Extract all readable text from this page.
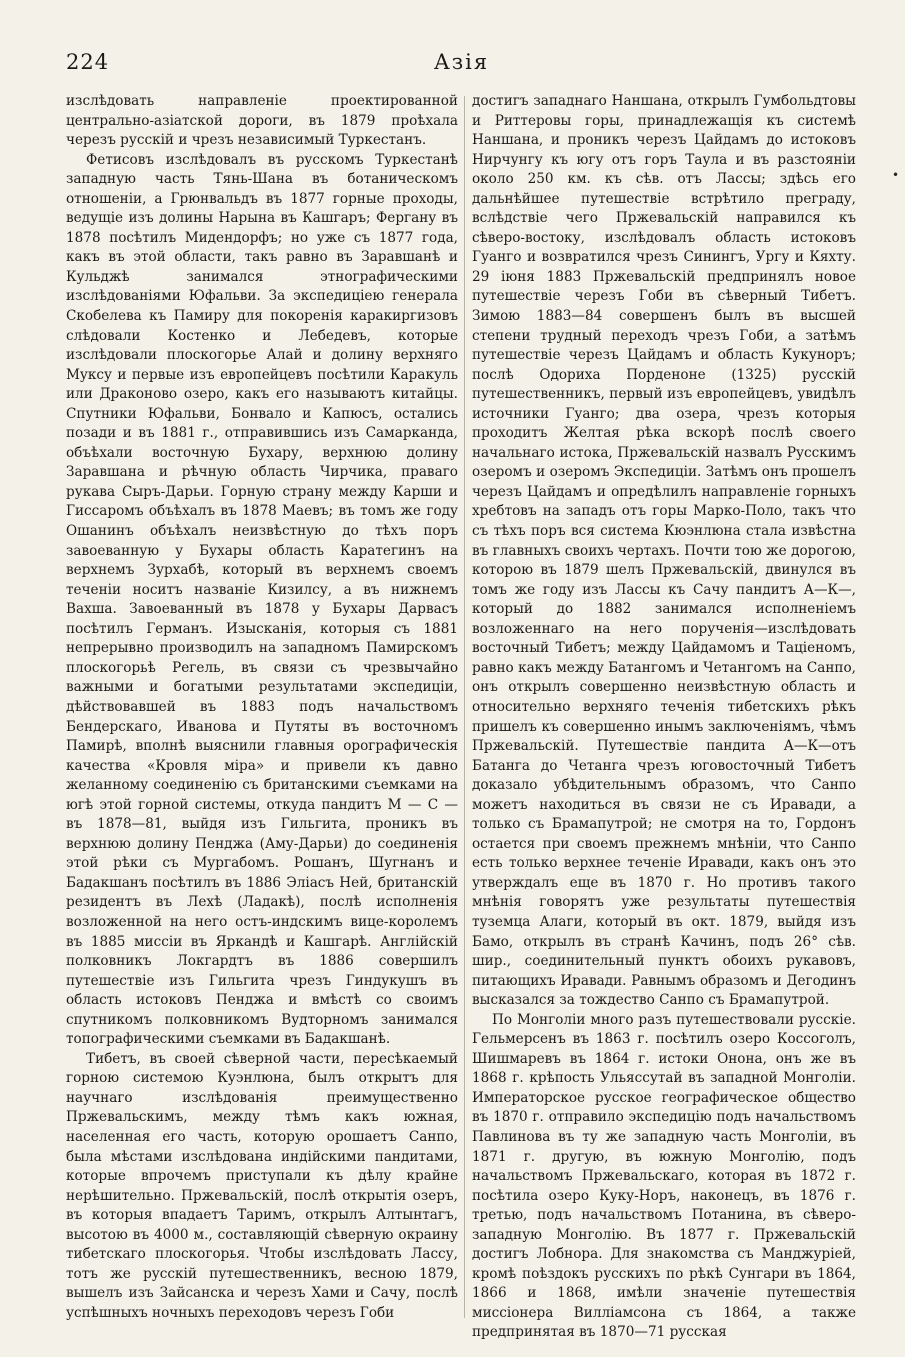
224	Азія

изслѣдовать направленіе проектированной центрально-азіатской дороги, въ 1879 проѣхала черезъ русскій и чрезъ независимый Туркестанъ.

Фетисовъ изслѣдовалъ въ русскомъ Туркестанѣ западную часть Тянь-Шана въ ботаническомъ отношеніи, а Грюнвальдъ въ 1877 горные проходы, ведущіе изъ долины Нарына въ Кашгаръ; Фергану въ 1878 посѣтилъ Мидендорфъ; но уже съ 1877 года, какъ въ этой области, такъ равно въ Заравшанѣ и Кульджѣ занимался этнографическими изслѣдованіями Юфальви. За экспедиціею генерала Скобелева къ Памиру для покоренія каракиргизовъ слѣдовали Костенко и Лебедевъ, которые изслѣдовали плоскогорье Алай и долину верхняго Муксу и первые изъ европейцевъ посѣтили Каракуль или Драконово озеро, какъ его называютъ китайцы. Спутники Юфальви, Бонвало и Капюсъ, остались позади и въ 1881 г., отправившись изъ Самарканда, объѣхали восточную Бухару, верхнюю долину Заравшана и рѣчную область Чирчика, праваго рукава Сыръ-Дарьи. Горную страну между Карши и Гиссаромъ объѣхалъ въ 1878 Маевъ; въ томъ же году Ошанинъ объѣхалъ неизвѣстную до тѣхъ поръ завоеванную у Бухары область Каратегинъ на верхнемъ Зурхабѣ, который въ верхнемъ своемъ теченіи носитъ названіе Кизилсу, а въ нижнемъ Вахша. Завоеванный въ 1878 у Бухары Дарвасъ посѣтилъ Германъ. Изысканія, которыя съ 1881 непрерывно производилъ на западномъ Памирскомъ плоскогорьѣ Регель, въ связи съ чрезвычайно важными и богатыми результатами экспедиціи, дѣйствовавшей въ 1883 подъ начальствомъ Бендерскаго, Иванова и Путяты въ восточномъ Памирѣ, вполнѣ выяснили главныя орографическія качества «Кровля міра» и привели къ давно желанному соединенію съ британскими съемками на югѣ этой горной системы, откуда пандитъ М — С — въ 1878—81, выйдя изъ Гильгита, проникъ въ верхнюю долину Пенджа (Аму-Дарьи) до соединенія этой рѣки съ Мургабомъ. Рошанъ, Шугнанъ и Бадакшанъ посѣтилъ въ 1886 Эліасъ Ней, британскій резидентъ въ Лехѣ (Ладакѣ), послѣ исполненія возложенной на него остъ-индскимъ вице-королемъ въ 1885 миссіи въ Яркандѣ и Кашгарѣ. Англійскій полковникъ Локгардтъ въ 1886 совершилъ путешествіе изъ Гильгита чрезъ Гиндукушъ въ область истоковъ Пенджа и вмѣстѣ со своимъ спутникомъ полковникомъ Вудторномъ занимался топографическими съемками въ Бадакшанѣ.

Тибетъ, въ своей сѣверной части, пересѣкаемый горною системою Куэнлюна, былъ открытъ для научнаго изслѣдованія преимущественно Пржевальскимъ, между тѣмъ какъ южная, населенная его часть, которую орошаетъ Санпо, была мѣстами изслѣдована индійскими пандитами, которые впрочемъ приступали къ дѣлу крайне нерѣшительно. Пржевальскій, послѣ открытія озеръ, въ которыя впадаетъ Таримъ, открылъ Алтынтагъ, высотою въ 4000 м., составляющій сѣверную окраину тибетскаго плоскогорья. Чтобы изслѣдовать Лассу, тотъ же русскій путешественникъ, весною 1879, вышелъ изъ Зайсанска и черезъ Хами и Сачу, послѣ успѣшныхъ ночныхъ переходовъ черезъ Гоби

достигъ западнаго Наншана, открылъ Гумбольдтовы и Риттеровы горы, принадлежащія къ системѣ Наншана, и проникъ черезъ Цайдамъ до истоковъ Нирчунгу къ югу отъ горъ Таула и въ разстояніи около 250 км. къ сѣв. отъ Лассы; здѣсь его дальнѣйшее путешествіе встрѣтило преграду, вслѣдствіе чего Пржевальскій направился къ сѣверо-востоку, изслѣдовалъ область истоковъ Гуанго и возвратился чрезъ Синингъ, Ургу и Кяхту. 29 іюня 1883 Пржевальскій предпринялъ новое путешествіе черезъ Гоби въ сѣверный Тибетъ. Зимою 1883—84 совершенъ былъ въ высшей степени трудный переходъ чрезъ Гоби, а затѣмъ путешествіе черезъ Цайдамъ и область Кукуноръ; послѣ Одориха Порденоне (1325) русскій путешественникъ, первый изъ европейцевъ, увидѣлъ источники Гуанго; два озера, чрезъ которыя проходитъ Желтая рѣка вскорѣ послѣ своего начальнаго истока, Пржевальскій назвалъ Русскимъ озеромъ и озеромъ Экспедиціи. Затѣмъ онъ прошелъ черезъ Цайдамъ и опредѣлилъ направленіе горныхъ хребтовъ на западъ отъ горы Марко-Поло, такъ что съ тѣхъ поръ вся система Кюэнлюна стала извѣстна въ главныхъ своихъ чертахъ. Почти тою же дорогою, которою въ 1879 шелъ Пржевальскій, двинулся въ томъ же году изъ Лассы къ Сачу пандитъ А—К—, который до 1882 занимался исполненіемъ возложеннаго на него порученія—изслѣдовать восточный Тибетъ; между Цайдамомъ и Таціеномъ, равно какъ между Батангомъ и Четангомъ на Санпо, онъ открылъ совершенно неизвѣстную область и относительно верхняго теченія тибетскихъ рѣкъ пришелъ къ совершенно инымъ заключеніямъ, чѣмъ Пржевальскій. Путешествіе пандита А—К—отъ Батанга до Четанга чрезъ юговосточный Тибетъ доказало убѣдительнымъ образомъ, что Санпо можетъ находиться въ связи не съ Иравади, а только съ Брамапутрой; не смотря на то, Гордонъ остается при своемъ прежнемъ мнѣніи, что Санпо есть только верхнее теченіе Иравади, какъ онъ это утверждалъ еще въ 1870 г. Но противъ такого мнѣнія говорятъ уже результаты путешествія туземца Алаги, который въ окт. 1879, выйдя изъ Бамо, открылъ въ странѣ Качинъ, подъ 26° сѣв. шир., соединительный пунктъ обоихъ рукавовъ, питающихъ Иравади. Равнымъ образомъ и Дегодинъ высказался за тождество Санпо съ Брамапутрой.

По Монголіи много разъ путешествовали русскіе. Гельмерсенъ въ 1863 г. посѣтилъ озеро Коссоголъ, Шишмаревъ въ 1864 г. истоки Онона, онъ же въ 1868 г. крѣпость Ульяссутай въ западной Монголіи. Императорское русское географическое общество въ 1870 г. отправило экспедицію подъ начальствомъ Павлинова въ ту же западную часть Монголіи, въ 1871 г. другую, въ южную Монголію, подъ начальствомъ Пржевальскаго, которая въ 1872 г. посѣтила озеро Куку-Норъ, наконецъ, въ 1876 г. третью, подъ начальствомъ Потанина, въ сѣверо-западную Монголію. Въ 1877 г. Пржевальскій достигъ Лобнора. Для знакомства съ Манджуріей, кромѣ поѣздокъ русскихъ по рѣкѣ Сунгари въ 1864, 1866 и 1868, имѣли значеніе путешествія миссіонера Вилліамсона съ 1864, а также предпринятая въ 1870—71 русская

•
